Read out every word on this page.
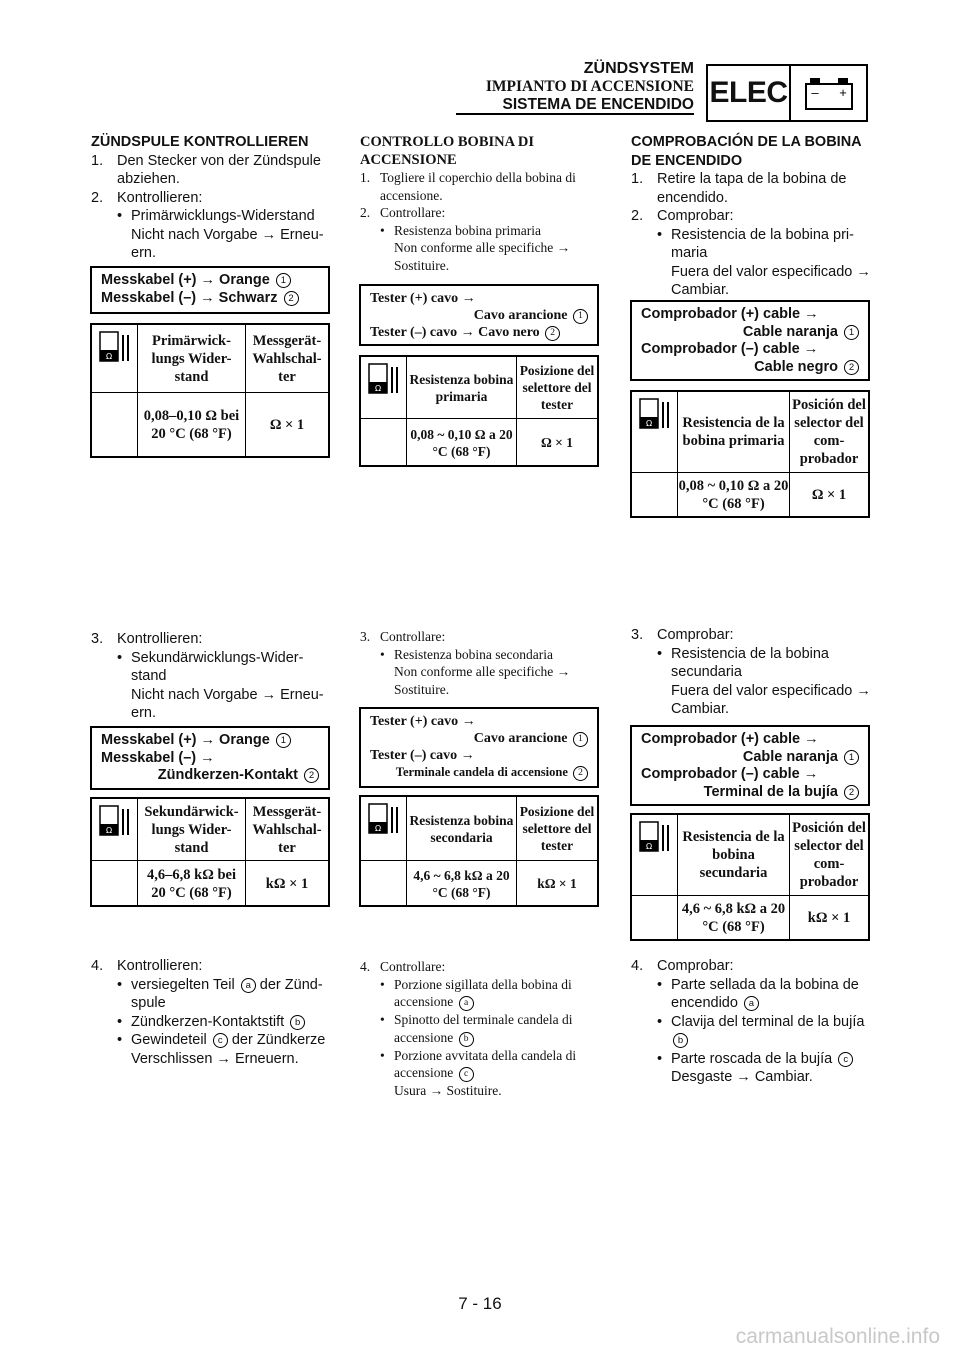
ZÜNDSYSTEM
IMPIANTO DI ACCENSIONE
SISTEMA DE ENCENDIDO ELEC – +
ZÜNDSPULE KONTROLLIEREN
1. Den Stecker von der Zündspule abziehen.
2. Kontrollieren:
• Primärwicklungs-Widerstand
Nicht nach Vorgabe → Erneu-ern.
Messkabel (+) → Orange 1
Messkabel (–) → Schwarz 2
Ω
Primärwick-lungs Wider-stand
Messgerät-Wahlschal-ter
0,08–0,10 Ω bei 20 °C (68 °F)
Ω × 1
3. Kontrollieren:
• Sekundärwicklungs-Wider-stand
Nicht nach Vorgabe → Erneu-ern.
Messkabel (+) → Orange 1
Messkabel (–) →
Zündkerzen-Kontakt 2
Ω
Sekundärwick-lungs Wider-stand
Messgerät-Wahlschal-ter
4,6–6,8 kΩ bei 20 °C (68 °F)
kΩ × 1
4. Kontrollieren:
• versiegelten Teil a der Zünd-spule
• Zündkerzen-Kontaktstift b
• Gewindeteil c der Zündkerze
Verschlissen → Erneuern.
CONTROLLO BOBINA DI ACCENSIONE
1. Togliere il coperchio della bobina di accensione.
2. Controllare:
• Resistenza bobina primaria
Non conforme alle specifiche → Sostituire.
Tester (+) cavo →
Cavo arancione 1
Tester (–) cavo → Cavo nero 2
Ω
Resistenza bobina primaria
Posizione del selettore del tester
0,08 ~ 0,10 Ω a 20 °C (68 °F)
Ω × 1
3. Controllare:
• Resistenza bobina secondaria
Non conforme alle specifiche → Sostituire.
Tester (+) cavo →
Cavo arancione 1
Tester (–) cavo →
Terminale candela di accensione 2
Ω
Resistenza bobina secondaria
Posizione del selettore del tester
4,6 ~ 6,8 kΩ a 20 °C (68 °F)
kΩ × 1
4. Controllare:
• Porzione sigillata della bobina di accensione a
• Spinotto del terminale candela di accensione b
• Porzione avvitata della candela di accensione c
Usura → Sostituire.
COMPROBACIÓN DE LA BOBINA DE ENCENDIDO
1. Retire la tapa de la bobina de encendido.
2. Comprobar:
• Resistencia de la bobina pri-maria
Fuera del valor especificado → Cambiar.
Comprobador (+) cable →
Cable naranja 1
Comprobador (–) cable →
Cable negro 2
Ω Resistencia de la bobina primaria
Posición del selector del com-probador
0,08 ~ 0,10 Ω a 20 °C (68 °F)
Ω × 1
3. Comprobar:
• Resistencia de la bobina secundaria
Fuera del valor especificado → Cambiar.
Comprobador (+) cable →
Cable naranja 1
Comprobador (–) cable →
Terminal de la bujía 2
Ω
Resistencia de la bobina secundaria
Posición del selector del com-probador
4,6 ~ 6,8 kΩ a 20 °C (68 °F)
kΩ × 1
4. Comprobar:
• Parte sellada da la bobina de encendido a
• Clavija del terminal de la bujía b
• Parte roscada de la bujía c
Desgaste → Cambiar.
7 - 16
carmanualsonline.info
